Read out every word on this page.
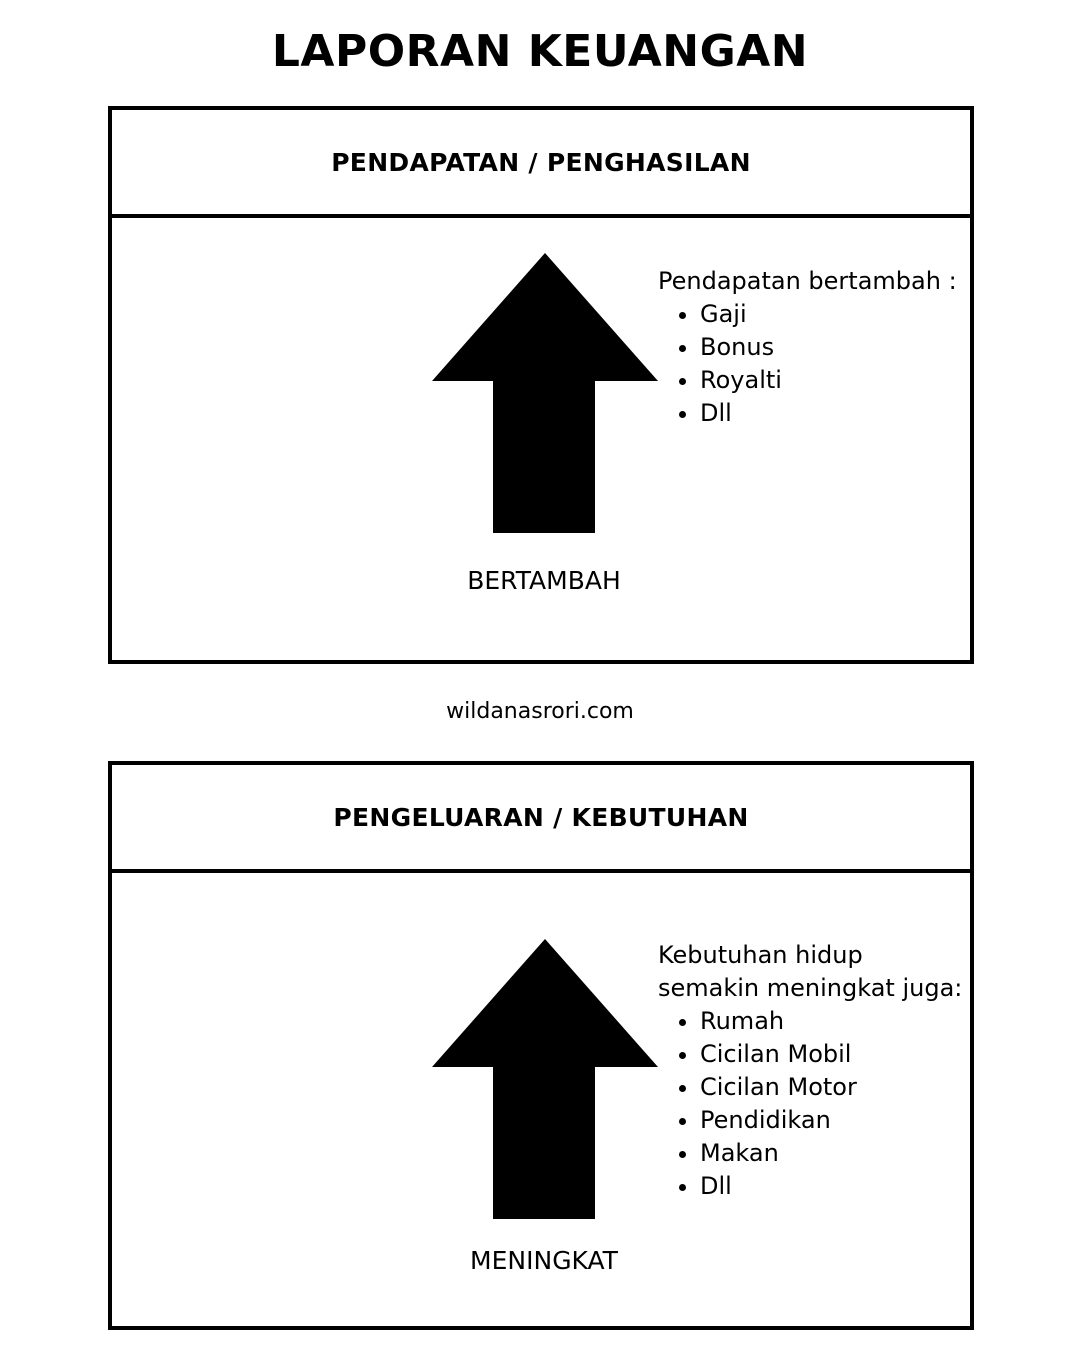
LAPORAN KEUANGAN
PENDAPATAN / PENGHASILAN
BERTAMBAH

Pendapatan bertambah :

• Gaji
• Bonus
• Royalti
• Dll
wildanasrori.com
PENGELUARAN / KEBUTUHAN
MENINGKAT

Kebutuhan hidup

semakin meningkat juga:

• Rumah
• Cicilan Mobil
• Cicilan Motor
• Pendidikan
• Makan
• Dll
